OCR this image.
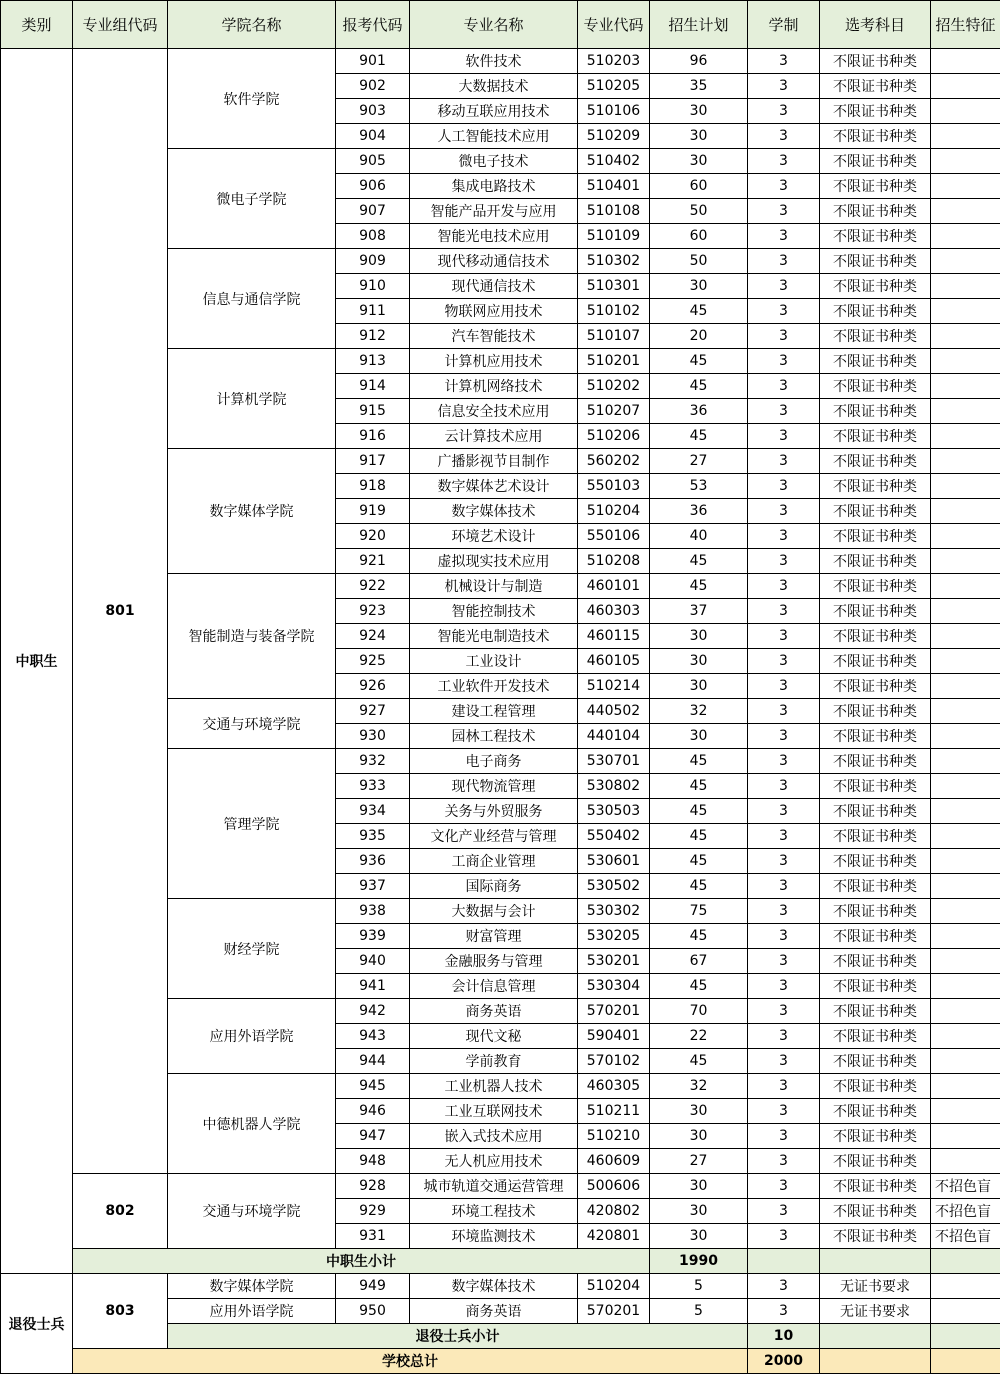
类别	专业组代码	学院名称	报考代码	专业名称	专业代码	招生计划	学制	选考科目	招生特征	
中职生	801	软件学院	901	软件技术	510203	96	3	不限证书种类		
			902	大数据技术	510205	35	3	不限证书种类		
			903	移动互联应用技术	510106	30	3	不限证书种类		
			904	人工智能技术应用	510209	30	3	不限证书种类		
		微电子学院	905	微电子技术	510402	30	3	不限证书种类		
			906	集成电路技术	510401	60	3	不限证书种类		
			907	智能产品开发与应用	510108	50	3	不限证书种类		
			908	智能光电技术应用	510109	60	3	不限证书种类		
		信息与通信学院	909	现代移动通信技术	510302	50	3	不限证书种类		
			910	现代通信技术	510301	30	3	不限证书种类		
			911	物联网应用技术	510102	45	3	不限证书种类		
			912	汽车智能技术	510107	20	3	不限证书种类		
		计算机学院	913	计算机应用技术	510201	45	3	不限证书种类		
			914	计算机网络技术	510202	45	3	不限证书种类		
			915	信息安全技术应用	510207	36	3	不限证书种类		
			916	云计算技术应用	510206	45	3	不限证书种类		
		数字媒体学院	917	广播影视节目制作	560202	27	3	不限证书种类		
			918	数字媒体艺术设计	550103	53	3	不限证书种类		
			919	数字媒体技术	510204	36	3	不限证书种类		
			920	环境艺术设计	550106	40	3	不限证书种类		
			921	虚拟现实技术应用	510208	45	3	不限证书种类		
		智能制造与装备学院	922	机械设计与制造	460101	45	3	不限证书种类		
			923	智能控制技术	460303	37	3	不限证书种类		
			924	智能光电制造技术	460115	30	3	不限证书种类		
			925	工业设计	460105	30	3	不限证书种类		
			926	工业软件开发技术	510214	30	3	不限证书种类		
		交通与环境学院	927	建设工程管理	440502	32	3	不限证书种类		
			930	园林工程技术	440104	30	3	不限证书种类		
		管理学院	932	电子商务	530701	45	3	不限证书种类		
			933	现代物流管理	530802	45	3	不限证书种类		
			934	关务与外贸服务	530503	45	3	不限证书种类		
			935	文化产业经营与管理	550402	45	3	不限证书种类		
			936	工商企业管理	530601	45	3	不限证书种类		
			937	国际商务	530502	45	3	不限证书种类		
		财经学院	938	大数据与会计	530302	75	3	不限证书种类		
			939	财富管理	530205	45	3	不限证书种类		
			940	金融服务与管理	530201	67	3	不限证书种类		
			941	会计信息管理	530304	45	3	不限证书种类		
		应用外语学院	942	商务英语	570201	70	3	不限证书种类		
			943	现代文秘	590401	22	3	不限证书种类		
			944	学前教育	570102	45	3	不限证书种类		
		中德机器人学院	945	工业机器人技术	460305	32	3	不限证书种类		
			946	工业互联网技术	510211	30	3	不限证书种类		
			947	嵌入式技术应用	510210	30	3	不限证书种类		
			948	无人机应用技术	460609	27	3	不限证书种类		
	802	交通与环境学院	928	城市轨道交通运营管理	500606	30	3	不限证书种类	不招色盲	
			929	环境工程技术	420802	30	3	不限证书种类	不招色盲	
			931	环境监测技术	420801	30	3	不限证书种类	不招色盲	
	中职生小计					1990				
退役士兵	803	数字媒体学院	949	数字媒体技术	510204	5	3	无证书要求		
		应用外语学院	950	商务英语	570201	5	3	无证书要求		
		退役士兵小计					10			
	学校总计						2000			
